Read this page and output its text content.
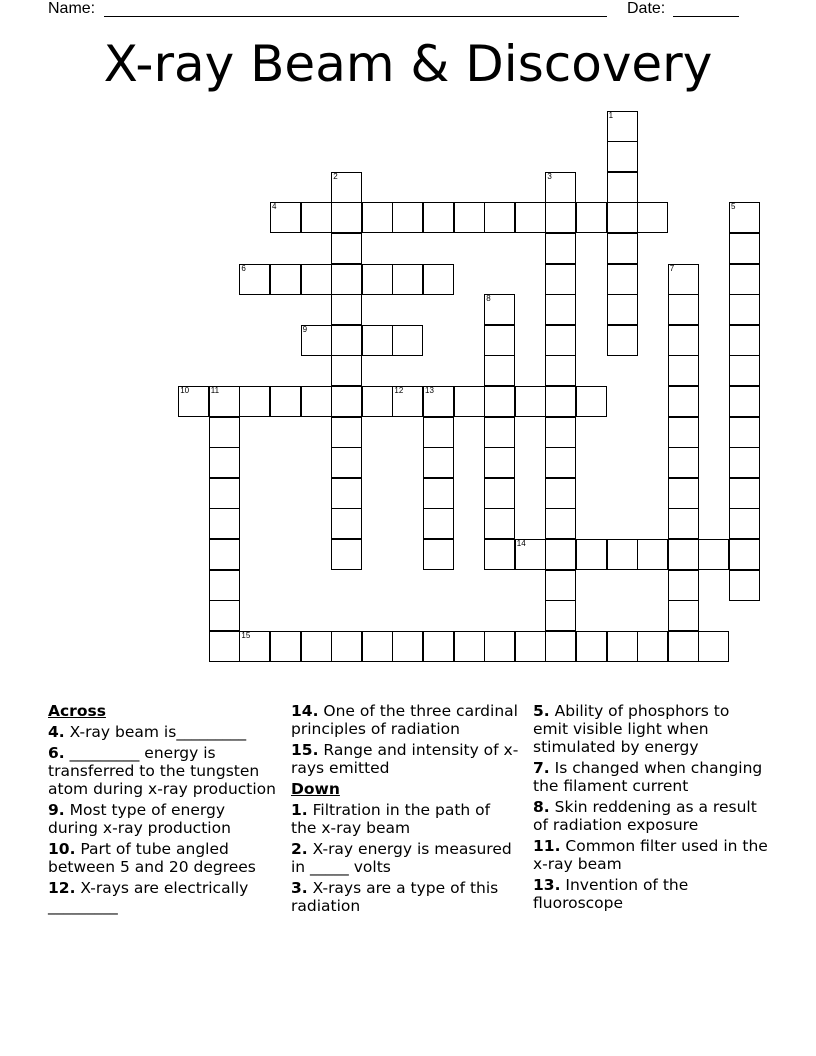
Name:	Date:
X-ray Beam & Discovery
4
6
9
10	11	12	13
14
15
1
2	3
5
7
8
Across
4. X-ray beam is_________
6. _________ energy is transferred to the tungsten atom during x-ray production
9. Most type of energy during x-ray production
10. Part of tube angled between 5 and 20 degrees
12. X-rays are electrically _________
14. One of the three cardinal principles of radiation
15. Range and intensity of x-rays emitted
Down
1. Filtration in the path of the x-ray beam
2. X-ray energy is measured in _____ volts
3. X-rays are a type of this radiation
5. Ability of phosphors to emit visible light when stimulated by energy
7. Is changed when changing the filament current
8. Skin reddening as a result of radiation exposure
11. Common filter used in the x-ray beam
13. Invention of the fluoroscope
